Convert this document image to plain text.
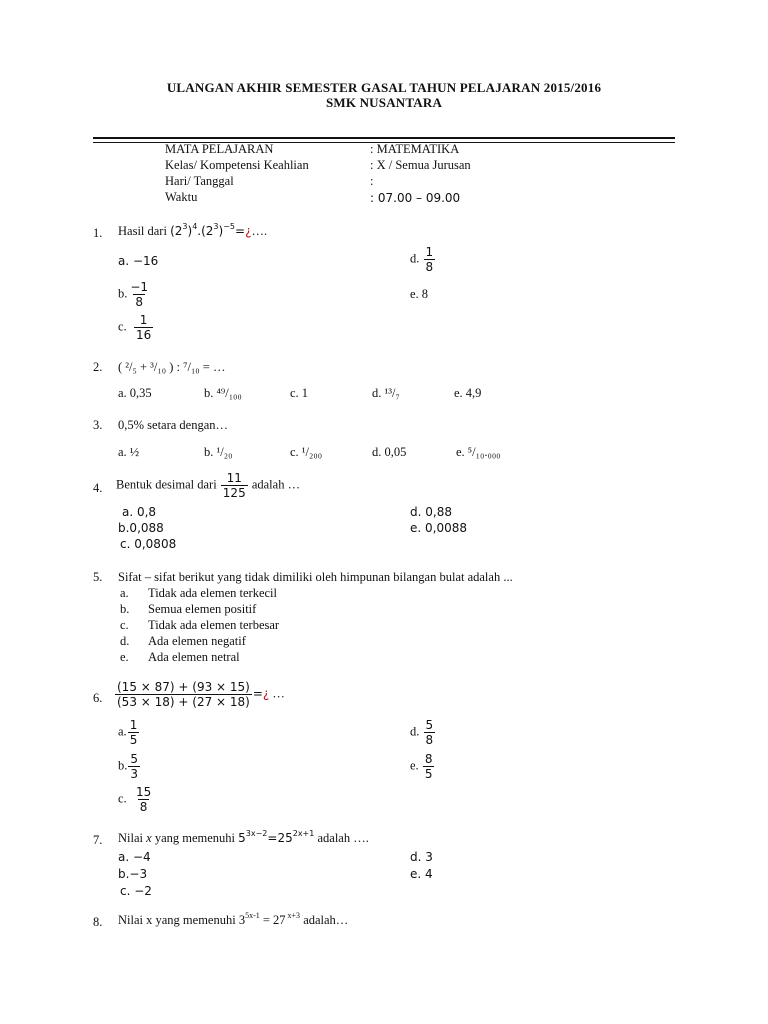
ULANGAN AKHIR SEMESTER GASAL TAHUN PELAJARAN 2015/2016
SMK NUSANTARA
MATA PELAJARAN	: MATEMATIKA
Kelas/ Kompetensi Keahlian	: X / Semua Jurusan
Hari/ Tanggal	:
Waktu	: 07.00 – 09.00
1. Hasil dari $(2^3)^4.(2^3)^{-5}=¿\dots$.
a. −16
b. $\frac{-1}{8}$
c. $\frac{1}{16}$
d. $\frac{1}{8}$
e. 8
2. ( ²/₅ + ³/₁₀ ) : ⁷/₁₀ = …
a. 0,35	b. ⁴⁹/₁₀₀	c. 1	d. ¹³/₇	e. 4,9
3. 0,5% setara dengan…
a. ½	b. ¹/₂₀	c. ¹/₂₀₀	d. 0,05	e. ⁵/₁₀.₀₀₀
4. Bentuk desimal dari $\frac{11}{125}$ adalah …
a. 0,8
b.0,088
c. 0,0808
d. 0,88
e. 0,0088
5. Sifat – sifat berikut yang tidak dimiliki oleh himpunan bilangan bulat adalah ...
a. Tidak ada elemen terkecil
b. Semua elemen positif
c. Tidak ada elemen terbesar
d. Ada elemen negatif
e. Ada elemen netral
6. $\frac{(15 \times 87) + (93 \times 15)}{(53 \times 18) + (27 \times 18)}$ =¿ …
a. $\frac{1}{5}$
b. $\frac{5}{3}$
c. $\frac{15}{8}$
d. $\frac{5}{8}$
e. $\frac{8}{5}$
7. Nilai x yang memenuhi $5^{3x-2}=25^{2x+1}$ adalah ….
a. −4
b.−3
c. −2
d. 3
e. 4
8. Nilai x yang memenuhi $3^{5x-1} = 27$ $^{x+3}$ adalah…
